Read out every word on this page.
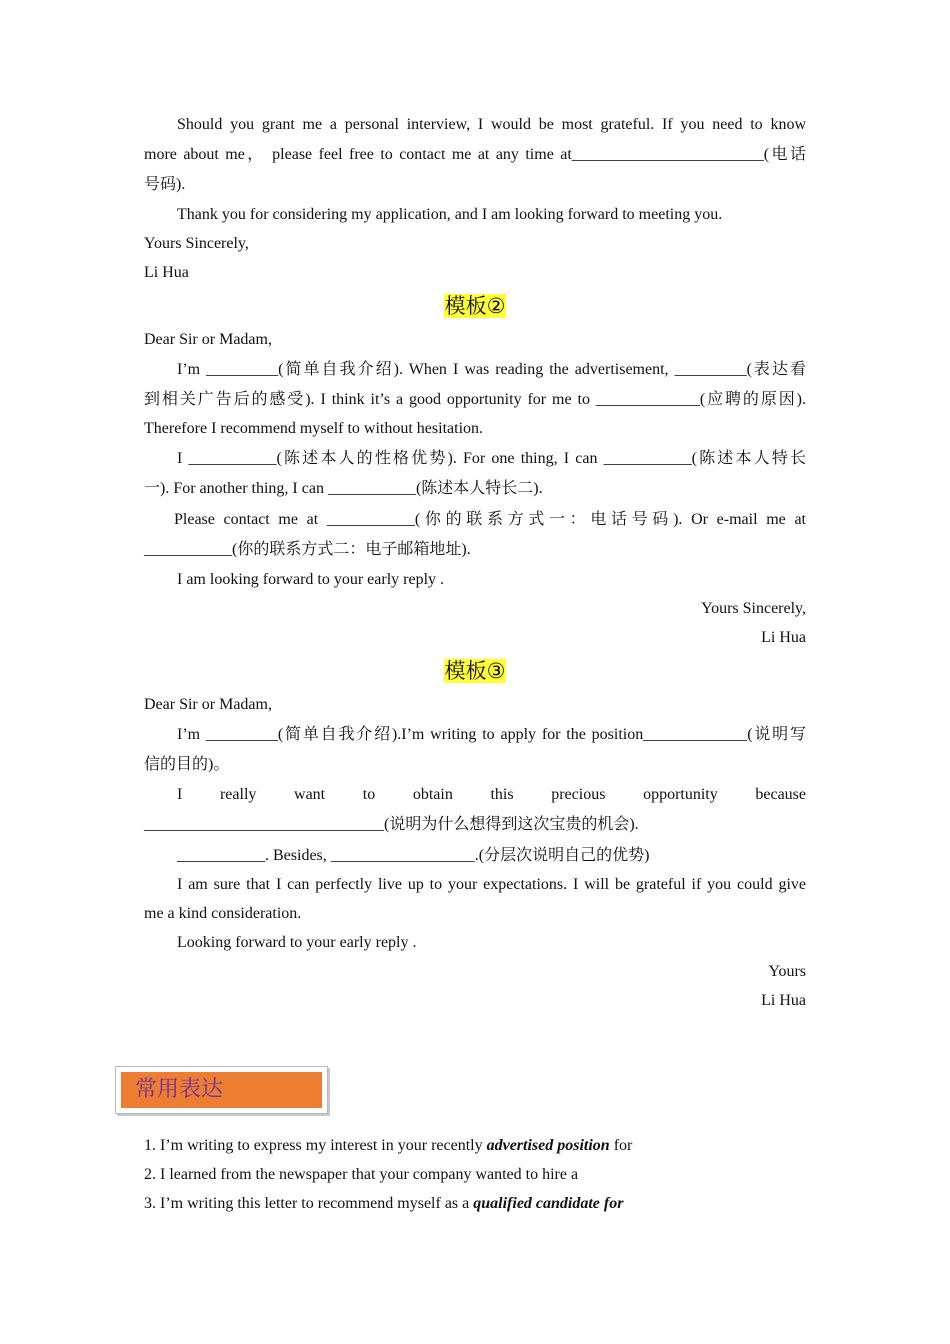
Should you grant me a personal interview, I would be most grateful. If you need to know
more about me， please feel free to contact me at any time at________________________(电话
号码).
Thank you for considering my application, and I am looking forward to meeting you.
Yours Sincerely,
Li Hua
模板②
Dear Sir or Madam,
I’m _________(简单自我介绍). When I was reading the advertisement, _________(表达看
到相关广告后的感受). I think it’s a good opportunity for me to _____________(应聘的原因).
Therefore I recommend myself to without hesitation.
I ___________(陈述本人的性格优势). For one thing, I can ___________(陈述本人特长
一). For another thing, I can ___________(陈述本人特长二).
Please contact me at ___________(你的联系方式一：电话号码). Or e-mail me at
___________(你的联系方式二：电子邮箱地址).
I am looking forward to your early reply .
Yours Sincerely,
Li Hua
模板③
Dear Sir or Madam,
I’m _________(简单自我介绍).I’m writing to apply for the position_____________(说明写
信的目的)。
I really want to obtain this precious opportunity because
______________________________(说明为什么想得到这次宝贵的机会).
___________. Besides, __________________.(分层次说明自己的优势)
I am sure that I can perfectly live up to your expectations. I will be grateful if you could give
me a kind consideration.
Looking forward to your early reply .
Yours
Li Hua
1. I’m writing to express my interest in your recently advertised position for
2. I learned from the newspaper that your company wanted to hire a
3. I’m writing this letter to recommend myself as a qualified candidate for
常用表达
